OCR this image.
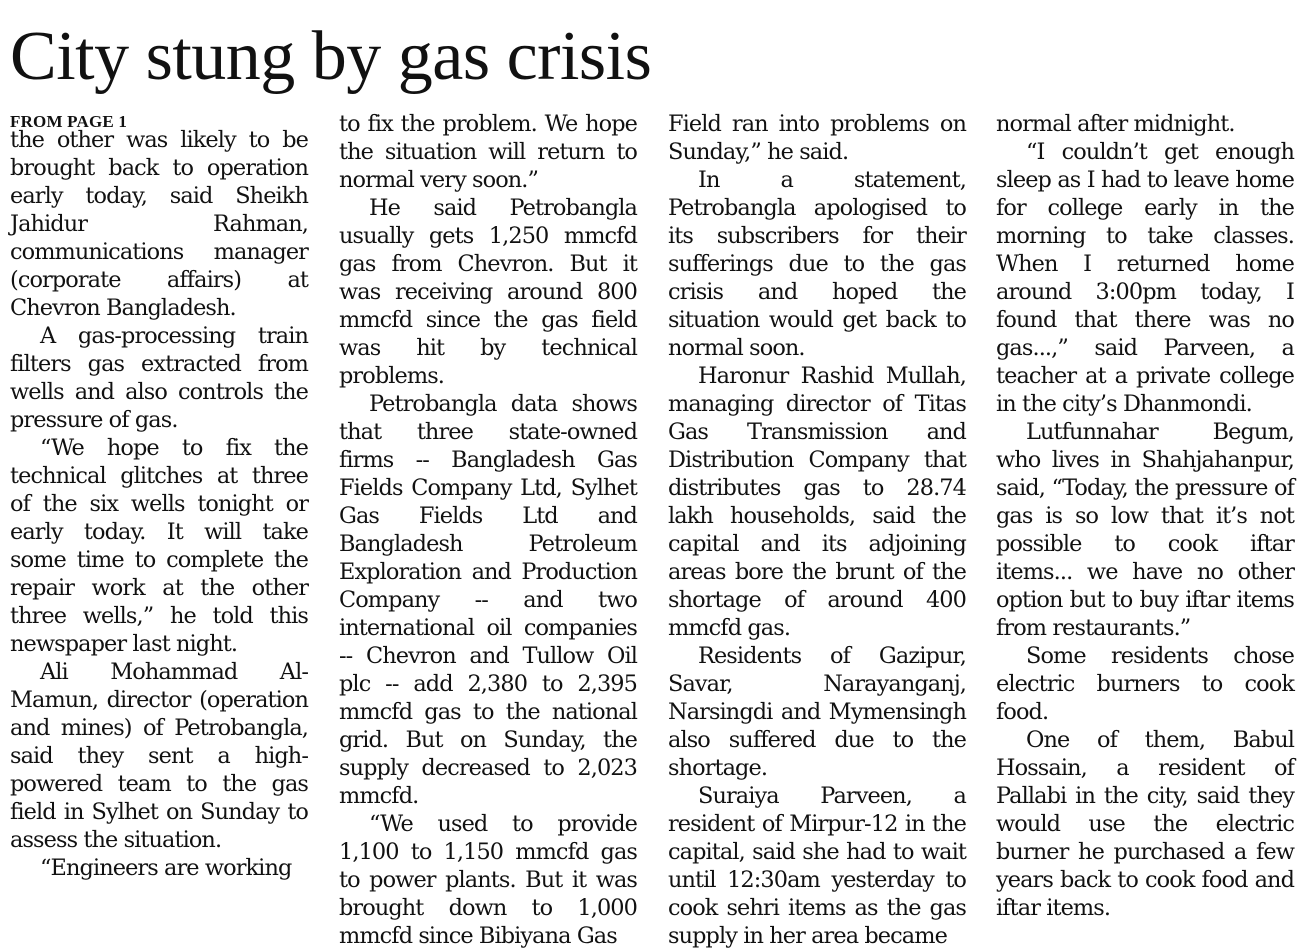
City stung by gas crisis
FROM PAGE 1

the other was likely to be brought back to operation early today, said Sheikh Jahidur Rahman, communications manager (corporate affairs) at Chevron Bangladesh.

A gas-processing train filters gas extracted from wells and also controls the pressure of gas.

“We hope to fix the technical glitches at three of the six wells tonight or early today. It will take some time to complete the repair work at the other three wells,” he told this newspaper last night.

Ali Mohammad Al-Mamun, director (operation and mines) of Petrobangla, said they sent a high-powered team to the gas field in Sylhet on Sunday to assess the situation.

“Engineers are working

to fix the problem. We hope the situation will return to normal very soon.”

He said Petrobangla usually gets 1,250 mmcfd gas from Chevron. But it was receiving around 800 mmcfd since the gas field was hit by technical problems.

Petrobangla data shows that three state-owned firms -- Bangladesh Gas Fields Company Ltd, Sylhet Gas Fields Ltd and Bangladesh Petroleum Exploration and Production Company -- and two international oil companies -- Chevron and Tullow Oil plc -- add 2,380 to 2,395 mmcfd gas to the national grid. But on Sunday, the supply decreased to 2,023 mmcfd.

“We used to provide 1,100 to 1,150 mmcfd gas to power plants. But it was brought down to 1,000 mmcfd since Bibiyana Gas

Field ran into problems on Sunday,” he said.

In a statement, Petrobangla apologised to its subscribers for their sufferings due to the gas crisis and hoped the situation would get back to normal soon.

Haronur Rashid Mullah, managing director of Titas Gas Transmission and Distribution Company that distributes gas to 28.74 lakh households, said the capital and its adjoining areas bore the brunt of the shortage of around 400 mmcfd gas.

Residents of Gazipur, Savar, Narayanganj, Narsingdi and Mymensingh also suffered due to the shortage.

Suraiya Parveen, a resident of Mirpur-12 in the capital, said she had to wait until 12:30am yesterday to cook sehri items as the gas supply in her area became

normal after midnight.

“I couldn’t get enough sleep as I had to leave home for college early in the morning to take classes. When I returned home around 3:00pm today, I found that there was no gas...,” said Parveen, a teacher at a private college in the city’s Dhanmondi.

Lutfunnahar Begum, who lives in Shahjahanpur, said, “Today, the pressure of gas is so low that it’s not possible to cook iftar items... we have no other option but to buy iftar items from restaurants.”

Some residents chose electric burners to cook food.

One of them, Babul Hossain, a resident of Pallabi in the city, said they would use the electric burner he purchased a few years back to cook food and iftar items.
